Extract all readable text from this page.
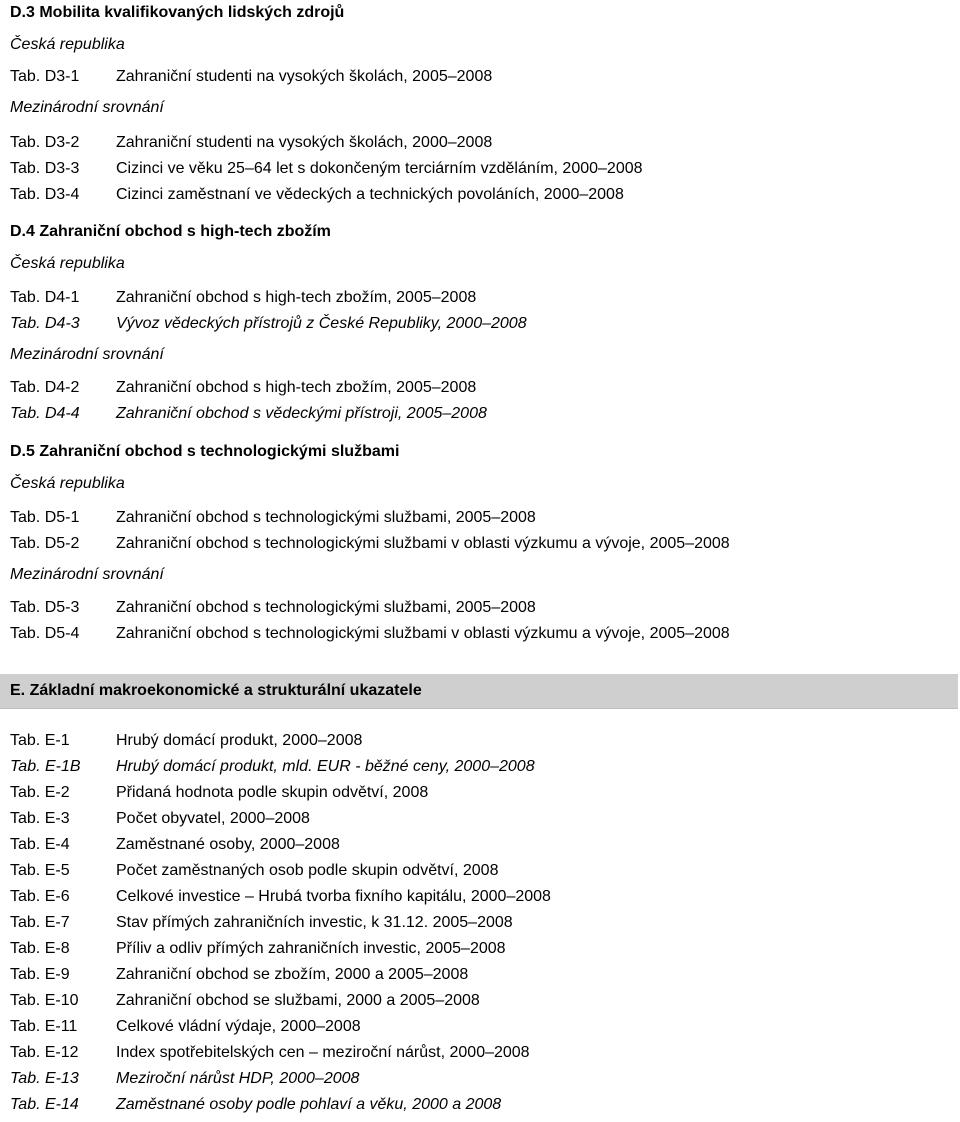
D.3 Mobilita kvalifikovaných lidských zdrojů
Česká republika
Tab. D3-1 Zahraniční studenti na vysokých školách, 2005–2008
Mezinárodní srovnání
Tab. D3-2 Zahraniční studenti na vysokých školách, 2000–2008
Tab. D3-3 Cizinci ve věku 25–64 let s dokončeným terciárním vzděláním, 2000–2008
Tab. D3-4 Cizinci zaměstnaní ve vědeckých a technických povoláních, 2000–2008
D.4 Zahraniční obchod s high-tech zbožím
Česká republika
Tab. D4-1 Zahraniční obchod s high-tech zbožím, 2005–2008
Tab. D4-3 Vývoz vědeckých přístrojů z České Republiky, 2000–2008
Mezinárodní srovnání
Tab. D4-2 Zahraniční obchod s high-tech zbožím, 2005–2008
Tab. D4-4 Zahraniční obchod s vědeckými přístroji, 2005–2008
D.5 Zahraniční obchod s technologickými službami
Česká republika
Tab. D5-1 Zahraniční obchod s technologickými službami, 2005–2008
Tab. D5-2 Zahraniční obchod s technologickými službami v oblasti výzkumu a vývoje, 2005–2008
Mezinárodní srovnání
Tab. D5-3 Zahraniční obchod s technologickými službami, 2005–2008
Tab. D5-4 Zahraniční obchod s technologickými službami v oblasti výzkumu a vývoje, 2005–2008
E. Základní makroekonomické a strukturální ukazatele
Tab. E-1	Hrubý domácí produkt, 2000–2008
Tab. E-1B Hrubý domácí produkt, mld. EUR - běžné ceny, 2000–2008
Tab. E-2	Přidaná hodnota podle skupin odvětví, 2008
Tab. E-3	Počet obyvatel, 2000–2008
Tab. E-4	Zaměstnané osoby, 2000–2008
Tab. E-5	Počet zaměstnaných osob podle skupin odvětví, 2008
Tab. E-6	Celkové investice – Hrubá tvorba fixního kapitálu, 2000–2008
Tab. E-7	Stav přímých zahraničních investic, k 31.12. 2005–2008
Tab. E-8	Příliv a odliv přímých zahraničních investic, 2005–2008
Tab. E-9	Zahraniční obchod se zbožím, 2000 a 2005–2008
Tab. E-10 Zahraniční obchod se službami, 2000 a 2005–2008
Tab. E-11 Celkové vládní výdaje, 2000–2008
Tab. E-12 Index spotřebitelských cen – meziroční nárůst, 2000–2008
Tab. E-13 Meziroční nárůst HDP, 2000–2008
Tab. E-14 Zaměstnané osoby podle pohlaví a věku, 2000 a 2008
